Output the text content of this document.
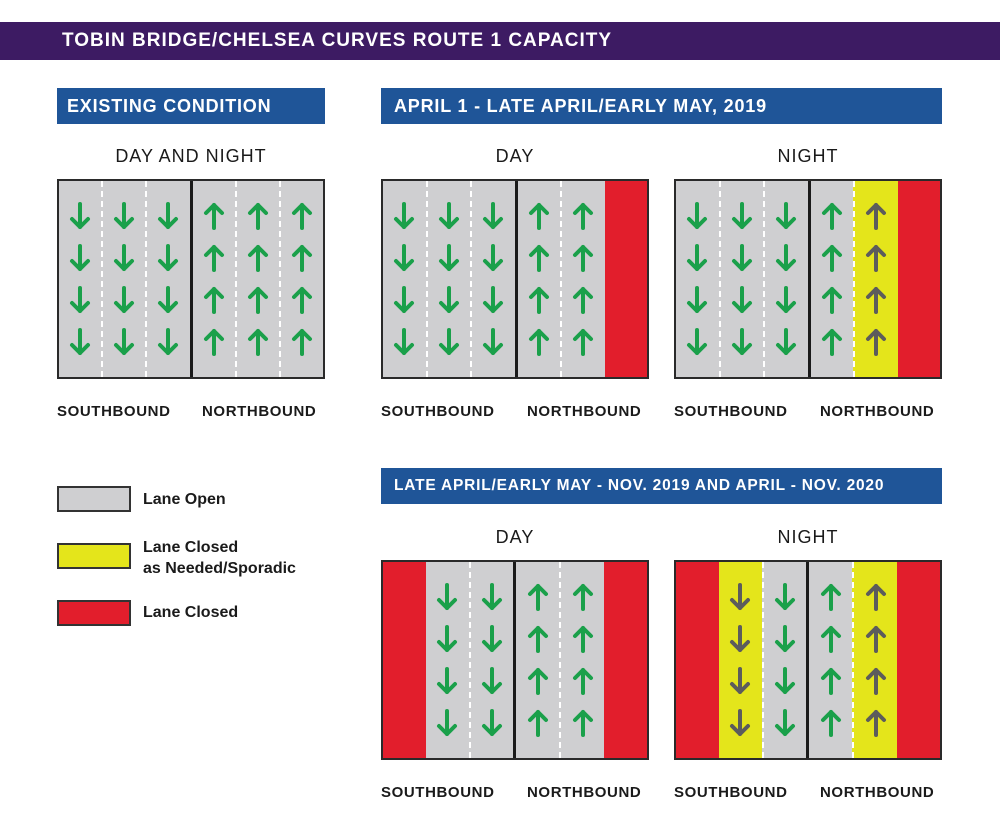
TOBIN BRIDGE/CHELSEA CURVES ROUTE 1 CAPACITY
EXISTING CONDITION	APRIL 1 - LATE APRIL/EARLY MAY, 2019
LATE APRIL/EARLY MAY - NOV. 2019 AND APRIL - NOV. 2020
DAY AND NIGHT
SOUTHBOUND NORTHBOUND
DAY
SOUTHBOUND NORTHBOUND
NIGHT
SOUTHBOUND NORTHBOUND
DAY
SOUTHBOUND NORTHBOUND
NIGHT
SOUTHBOUND NORTHBOUND
Lane Open
Lane Closed
as Needed/Sporadic
Lane Closed
